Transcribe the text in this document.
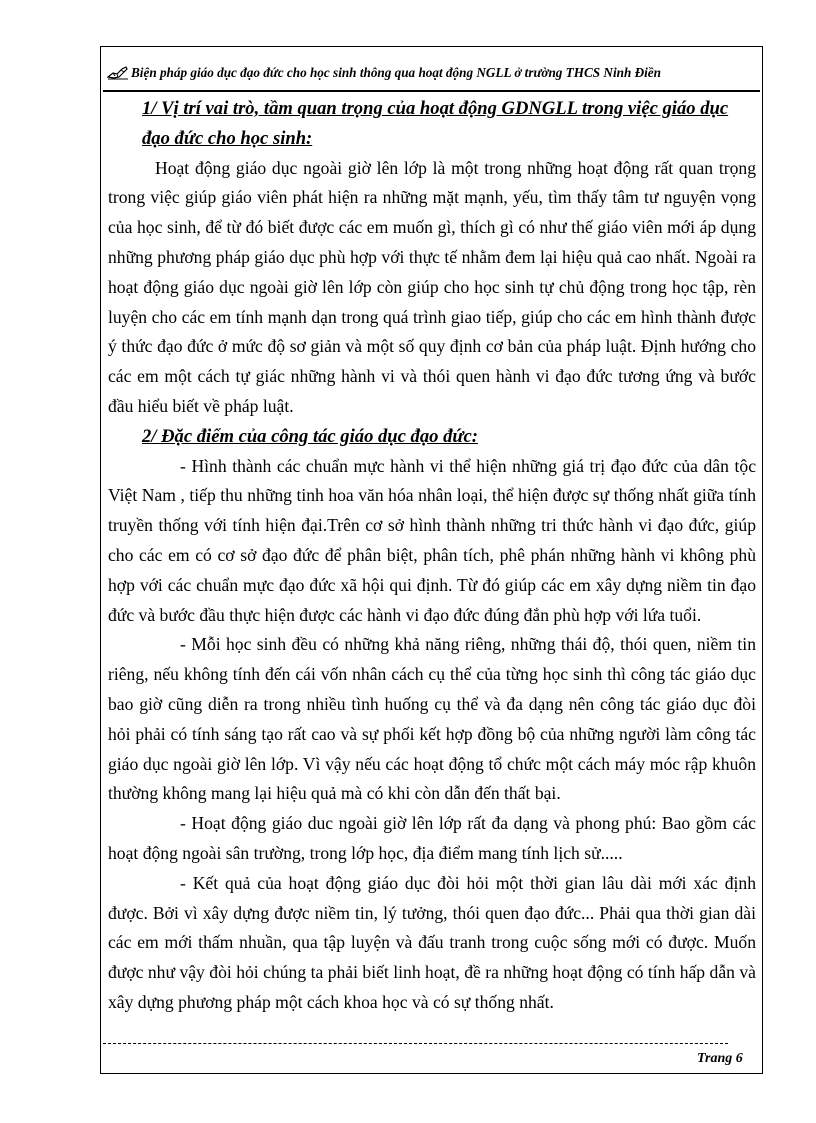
Biện pháp giáo dục đạo đức cho học sinh thông qua hoạt động NGLL ở trường THCS Ninh Điền

1/ Vị trí vai trò, tầm quan trọng của hoạt động GDNGLL trong việc giáo dục đạo đức cho học sinh:

Hoạt động giáo dục ngoài giờ lên lớp là một trong những hoạt động rất quan trọng trong việc giúp giáo viên phát hiện ra những mặt mạnh, yếu, tìm thấy tâm tư nguyện vọng của học sinh, để từ đó biết được các em muốn gì, thích gì có như thế giáo viên mới áp dụng những phương pháp giáo dục phù hợp với thực tế nhằm đem lại hiệu quả cao nhất. Ngoài ra hoạt động giáo dục ngoài giờ lên lớp còn giúp cho học sinh tự chủ động trong học tập, rèn luyện cho các em tính mạnh dạn trong quá trình giao tiếp, giúp cho các em hình thành được ý thức đạo đức ở mức độ sơ giản và một số quy định cơ bản của pháp luật. Định hướng cho các em một cách tự giác những hành vi và thói quen hành vi đạo đức tương ứng và bước đầu hiểu biết về pháp luật.

2/ Đặc điểm của công tác giáo dục đạo đức:

- Hình thành các chuẩn mực hành vi thể hiện những giá trị đạo đức của dân tộc Việt Nam , tiếp thu những tinh hoa văn hóa nhân loại, thể hiện được sự thống nhất giữa tính truyền thống với tính hiện đại.Trên cơ sở hình thành những tri thức hành vi đạo đức, giúp cho các em có cơ sở đạo đức để phân biệt, phân tích, phê phán những hành vi không phù hợp với các chuẩn mực đạo đức xã hội qui định. Từ đó giúp các em xây dựng niềm tin đạo đức và bước đầu thực hiện được các hành vi đạo đức đúng đắn phù hợp với lứa tuổi.

- Mỗi học sinh đều có những khả năng riêng, những thái độ, thói quen, niềm tin riêng, nếu không tính đến cái vốn nhân cách cụ thể của từng học sinh thì công tác giáo dục bao giờ cũng diễn ra trong nhiều tình huống cụ thể và đa dạng nên công tác giáo dục đòi hỏi phải có tính sáng tạo rất cao và sự phối kết hợp đồng bộ của những người làm công tác giáo dục ngoài giờ lên lớp. Vì vậy nếu các hoạt động tổ chức một cách máy móc rập khuôn thường không mang lại hiệu quả mà có khi còn dẫn đến thất bại.

- Hoạt động giáo duc ngoài giờ lên lớp rất đa dạng và phong phú: Bao gồm các hoạt động ngoài sân trường, trong lớp học, địa điểm mang tính lịch sử.....

- Kết quả của hoạt động giáo dục đòi hỏi một thời gian lâu dài mới xác định được. Bởi vì xây dựng được niềm tin, lý tưởng, thói quen đạo đức... Phải qua thời gian dài các em mới thấm nhuần, qua tập luyện và đấu tranh trong cuộc sống mới có được. Muốn được như vậy đòi hỏi chúng ta phải biết linh hoạt, đề ra những hoạt động có tính hấp dẫn và xây dựng phương pháp một cách khoa học và có sự thống nhất.

Trang 6
